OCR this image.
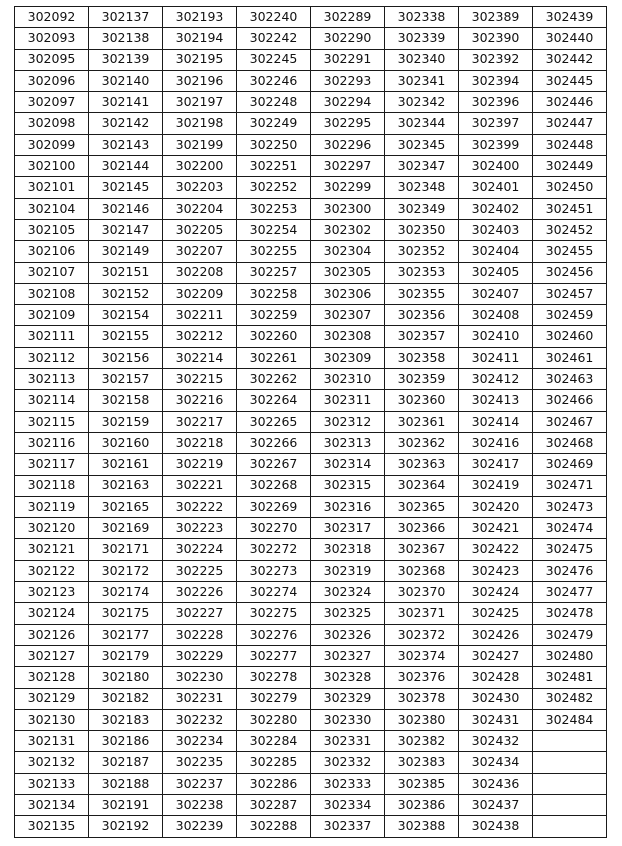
302092	302137	302193	302240	302289	302338	302389	302439
302093	302138	302194	302242	302290	302339	302390	302440
302095	302139	302195	302245	302291	302340	302392	302442
302096	302140	302196	302246	302293	302341	302394	302445
302097	302141	302197	302248	302294	302342	302396	302446
302098	302142	302198	302249	302295	302344	302397	302447
302099	302143	302199	302250	302296	302345	302399	302448
302100	302144	302200	302251	302297	302347	302400	302449
302101	302145	302203	302252	302299	302348	302401	302450
302104	302146	302204	302253	302300	302349	302402	302451
302105	302147	302205	302254	302302	302350	302403	302452
302106	302149	302207	302255	302304	302352	302404	302455
302107	302151	302208	302257	302305	302353	302405	302456
302108	302152	302209	302258	302306	302355	302407	302457
302109	302154	302211	302259	302307	302356	302408	302459
302111	302155	302212	302260	302308	302357	302410	302460
302112	302156	302214	302261	302309	302358	302411	302461
302113	302157	302215	302262	302310	302359	302412	302463
302114	302158	302216	302264	302311	302360	302413	302466
302115	302159	302217	302265	302312	302361	302414	302467
302116	302160	302218	302266	302313	302362	302416	302468
302117	302161	302219	302267	302314	302363	302417	302469
302118	302163	302221	302268	302315	302364	302419	302471
302119	302165	302222	302269	302316	302365	302420	302473
302120	302169	302223	302270	302317	302366	302421	302474
302121	302171	302224	302272	302318	302367	302422	302475
302122	302172	302225	302273	302319	302368	302423	302476
302123	302174	302226	302274	302324	302370	302424	302477
302124	302175	302227	302275	302325	302371	302425	302478
302126	302177	302228	302276	302326	302372	302426	302479
302127	302179	302229	302277	302327	302374	302427	302480
302128	302180	302230	302278	302328	302376	302428	302481
302129	302182	302231	302279	302329	302378	302430	302482
302130	302183	302232	302280	302330	302380	302431	302484
302131	302186	302234	302284	302331	302382	302432	
302132	302187	302235	302285	302332	302383	302434	
302133	302188	302237	302286	302333	302385	302436	
302134	302191	302238	302287	302334	302386	302437	
302135	302192	302239	302288	302337	302388	302438	
